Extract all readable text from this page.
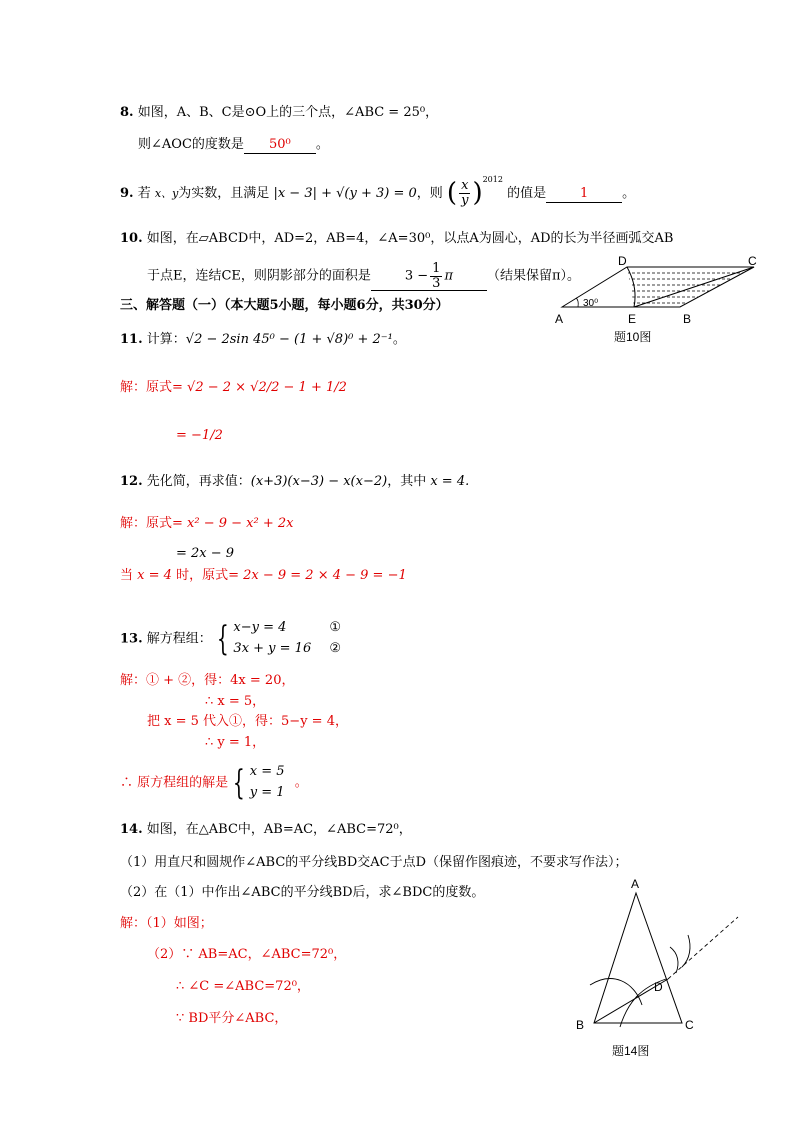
8. 如图，A、B、C是⊙O上的三个点，∠ABC = 25⁰，
则∠AOC的度数是 50⁰ 。
9. 若 x、y为实数，且满足 |x − 3| + √(y + 3) = 0，则 ( $\frac{x}{y} )^{2012}$ 的值是	1	。
10. 如图，在▱ABCD中，AD=2，AB=4，∠A=30⁰，以点A为圆心，AD的长为半径画弧交AB
于点E，连结CE，则阴影部分的面积是	$3 - \frac{1}{3}$ π	（结果保留π）。
A	B
C
D
E
30⁰
题10图
三、解答题（一）（本大题5小题，每小题6分，共30分）
11. 计算：√2 − 2sin 45⁰ − (1 + √8)⁰ + 2⁻¹。
解：原式= √2 − 2 × √2/2 − 1 + 1/2
= −1/2
12. 先化简，再求值：(x+3)(x−3) − x(x−2)，其中 x = 4.
解：原式= x² − 9 − x² + 2x
= 2x − 9
当 x = 4 时，原式= 2x − 9 = 2 × 4 − 9 = −1
13. 解方程组： { x−y = 4
3x + y = 16

①
②
解：① + ②，得：4x = 20，
∴ x = 5，
把 x = 5 代入①，得：5−y = 4，
∴ y = 1，
∴ 原方程组的解是 { x = 5
y = 1
。
14. 如图，在△ABC中，AB=AC，∠ABC=72⁰，
（1）用直尺和圆规作∠ABC的平分线BD交AC于点D（保留作图痕迹，不要求写作法）；
（2）在（1）中作出∠ABC的平分线BD后，求∠BDC的度数。
解：（1）如图；
（2）∵ AB=AC，∠ABC=72⁰，
∴ ∠C =∠ABC=72⁰，
∵ BD平分∠ABC，
A
B	C
D
题14图
